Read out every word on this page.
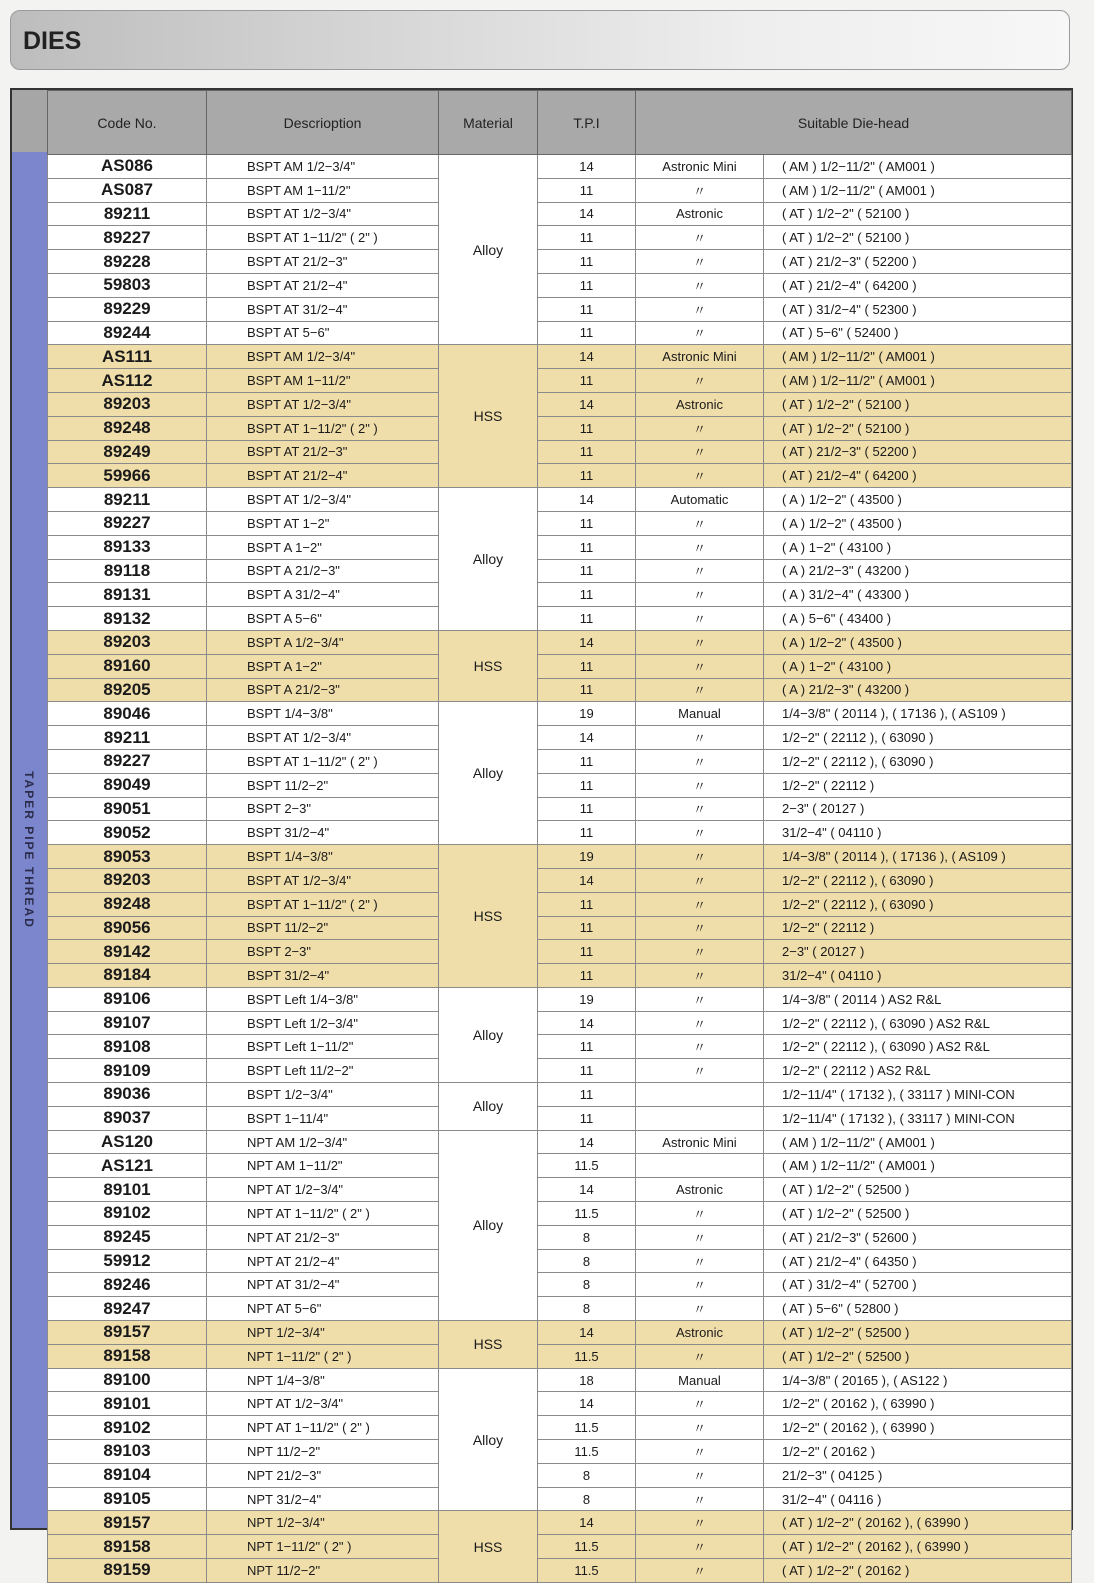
DIES
TAPER PIPE THREAD
Code No.	Descrioption	Material	T.P.I	Suitable Die-head	
AS086	BSPT AM 1/2−3/4"	Alloy	14	Astronic Mini	( AM ) 1/2−11/2" ( AM001 )
AS087	BSPT AM 1−11/2"		11	〃	( AM ) 1/2−11/2" ( AM001 )
89211	BSPT AT 1/2−3/4"		14	Astronic	( AT ) 1/2−2" ( 52100 )
89227	BSPT AT 1−11/2" ( 2" )		11	〃	( AT ) 1/2−2" ( 52100 )
89228	BSPT AT 21/2−3"		11	〃	( AT ) 21/2−3" ( 52200 )
59803	BSPT AT 21/2−4"		11	〃	( AT ) 21/2−4" ( 64200 )
89229	BSPT AT 31/2−4"		11	〃	( AT ) 31/2−4" ( 52300 )
89244	BSPT AT 5−6"		11	〃	( AT ) 5−6" ( 52400 )
AS111	BSPT AM 1/2−3/4"	HSS	14	Astronic Mini	( AM ) 1/2−11/2" ( AM001 )
AS112	BSPT AM 1−11/2"		11	〃	( AM ) 1/2−11/2" ( AM001 )
89203	BSPT AT 1/2−3/4"		14	Astronic	( AT ) 1/2−2" ( 52100 )
89248	BSPT AT 1−11/2" ( 2" )		11	〃	( AT ) 1/2−2" ( 52100 )
89249	BSPT AT 21/2−3"		11	〃	( AT ) 21/2−3" ( 52200 )
59966	BSPT AT 21/2−4"		11	〃	( AT ) 21/2−4" ( 64200 )
89211	BSPT AT 1/2−3/4"	Alloy	14	Automatic	( A ) 1/2−2" ( 43500 )
89227	BSPT AT 1−2"		11	〃	( A ) 1/2−2" ( 43500 )
89133	BSPT A 1−2"		11	〃	( A ) 1−2" ( 43100 )
89118	BSPT A 21/2−3"		11	〃	( A ) 21/2−3" ( 43200 )
89131	BSPT A 31/2−4"		11	〃	( A ) 31/2−4" ( 43300 )
89132	BSPT A 5−6"		11	〃	( A ) 5−6" ( 43400 )
89203	BSPT A 1/2−3/4"	HSS	14	〃	( A ) 1/2−2" ( 43500 )
89160	BSPT A 1−2"		11	〃	( A ) 1−2" ( 43100 )
89205	BSPT A 21/2−3"		11	〃	( A ) 21/2−3" ( 43200 )
89046	BSPT 1/4−3/8"	Alloy	19	Manual	1/4−3/8" ( 20114 ), ( 17136 ), ( AS109 )
89211	BSPT AT 1/2−3/4"		14	〃	1/2−2" ( 22112 ), ( 63090 )
89227	BSPT AT 1−11/2" ( 2" )		11	〃	1/2−2" ( 22112 ), ( 63090 )
89049	BSPT 11/2−2"		11	〃	1/2−2" ( 22112 )
89051	BSPT 2−3"		11	〃	2−3" ( 20127 )
89052	BSPT 31/2−4"		11	〃	31/2−4" ( 04110 )
89053	BSPT 1/4−3/8"	HSS	19	〃	1/4−3/8" ( 20114 ), ( 17136 ), ( AS109 )
89203	BSPT AT 1/2−3/4"		14	〃	1/2−2" ( 22112 ), ( 63090 )
89248	BSPT AT 1−11/2" ( 2" )		11	〃	1/2−2" ( 22112 ), ( 63090 )
89056	BSPT 11/2−2"		11	〃	1/2−2" ( 22112 )
89142	BSPT 2−3"		11	〃	2−3" ( 20127 )
89184	BSPT 31/2−4"		11	〃	31/2−4" ( 04110 )
89106	BSPT Left 1/4−3/8"	Alloy	19	〃	1/4−3/8" ( 20114 ) AS2 R&L
89107	BSPT Left 1/2−3/4"		14	〃	1/2−2" ( 22112 ), ( 63090 ) AS2 R&L
89108	BSPT Left 1−11/2"		11	〃	1/2−2" ( 22112 ), ( 63090 ) AS2 R&L
89109	BSPT Left 11/2−2"		11	〃	1/2−2" ( 22112 ) AS2 R&L
89036	BSPT 1/2−3/4"	Alloy	11		1/2−11/4" ( 17132 ), ( 33117 ) MINI-CON
89037	BSPT 1−11/4"		11		1/2−11/4" ( 17132 ), ( 33117 ) MINI-CON
AS120	NPT AM 1/2−3/4"	Alloy	14	Astronic Mini	( AM ) 1/2−11/2" ( AM001 )
AS121	NPT AM 1−11/2"		11.5		( AM ) 1/2−11/2" ( AM001 )
89101	NPT AT 1/2−3/4"		14	Astronic	( AT ) 1/2−2" ( 52500 )
89102	NPT AT 1−11/2" ( 2" )		11.5	〃	( AT ) 1/2−2" ( 52500 )
89245	NPT AT 21/2−3"		8	〃	( AT ) 21/2−3" ( 52600 )
59912	NPT AT 21/2−4"		8	〃	( AT ) 21/2−4" ( 64350 )
89246	NPT AT 31/2−4"		8	〃	( AT ) 31/2−4" ( 52700 )
89247	NPT AT 5−6"		8	〃	( AT ) 5−6" ( 52800 )
89157	NPT 1/2−3/4"	HSS	14	Astronic	( AT ) 1/2−2" ( 52500 )
89158	NPT 1−11/2" ( 2" )		11.5	〃	( AT ) 1/2−2" ( 52500 )
89100	NPT 1/4−3/8"	Alloy	18	Manual	1/4−3/8" ( 20165 ), ( AS122 )
89101	NPT AT 1/2−3/4"		14	〃	1/2−2" ( 20162 ), ( 63990 )
89102	NPT AT 1−11/2" ( 2" )		11.5	〃	1/2−2" ( 20162 ), ( 63990 )
89103	NPT 11/2−2"		11.5	〃	1/2−2" ( 20162 )
89104	NPT 21/2−3"		8	〃	21/2−3" ( 04125 )
89105	NPT 31/2−4"		8	〃	31/2−4" ( 04116 )
89157	NPT 1/2−3/4"	HSS	14	〃	( AT ) 1/2−2" ( 20162 ), ( 63990 )
89158	NPT 1−11/2" ( 2" )		11.5	〃	( AT ) 1/2−2" ( 20162 ), ( 63990 )
89159	NPT 11/2−2"		11.5	〃	( AT ) 1/2−2" ( 20162 )
